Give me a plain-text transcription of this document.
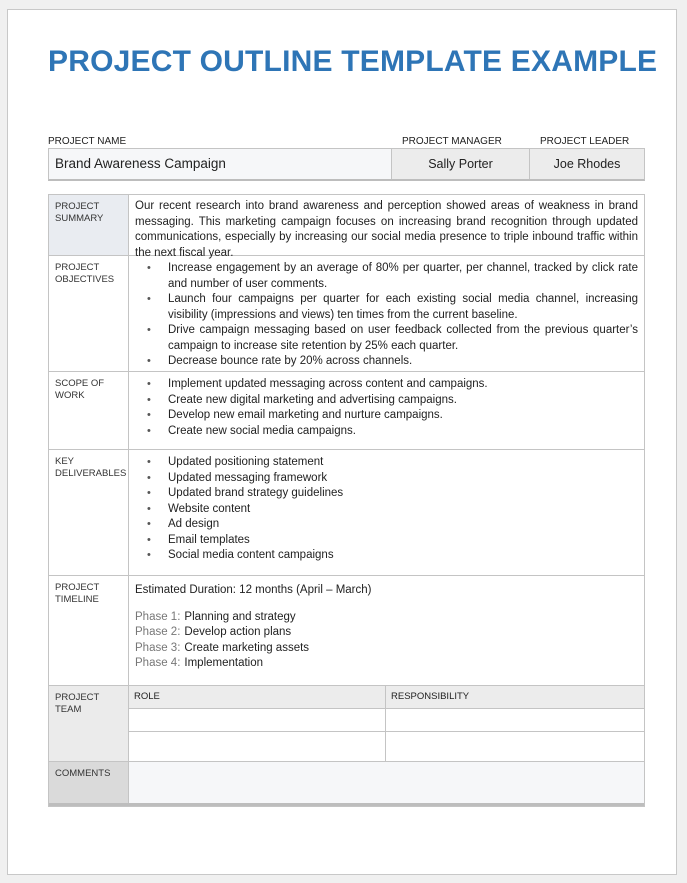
PROJECT OUTLINE TEMPLATE EXAMPLE
PROJECT NAME	PROJECT MANAGER	PROJECT LEADER
Brand Awareness Campaign	Sally Porter	Joe Rhodes
PROJECT SUMMARY
Our recent research into brand awareness and perception showed areas of weakness in brand messaging. This marketing campaign focuses on increasing brand recognition through updated communications, especially by increasing our social media presence to triple inbound traffic within the next fiscal year.
PROJECT OBJECTIVES
• Increase engagement by an average of 80% per quarter, per channel, tracked by click rate and number of user comments.
• Launch four campaigns per quarter for each existing social media channel, increasing visibility (impressions and views) ten times from the current baseline.
• Drive campaign messaging based on user feedback collected from the previous quarter’s campaign to increase site retention by 25% each quarter.
• Decrease bounce rate by 20% across channels.
SCOPE OF WORK
• Implement updated messaging across content and campaigns.
• Create new digital marketing and advertising campaigns.
• Develop new email marketing and nurture campaigns.
• Create new social media campaigns.
KEY DELIVERABLES
• Updated positioning statement
• Updated messaging framework
• Updated brand strategy guidelines
• Website content
• Ad design
• Email templates
• Social media content campaigns
PROJECT TIMELINE
Estimated Duration: 12 months (April – March)
Phase 1: Planning and strategy
Phase 2: Develop action plans
Phase 3: Create marketing assets
Phase 4: Implementation
PROJECT TEAM
ROLE	RESPONSIBILITY
COMMENTS
